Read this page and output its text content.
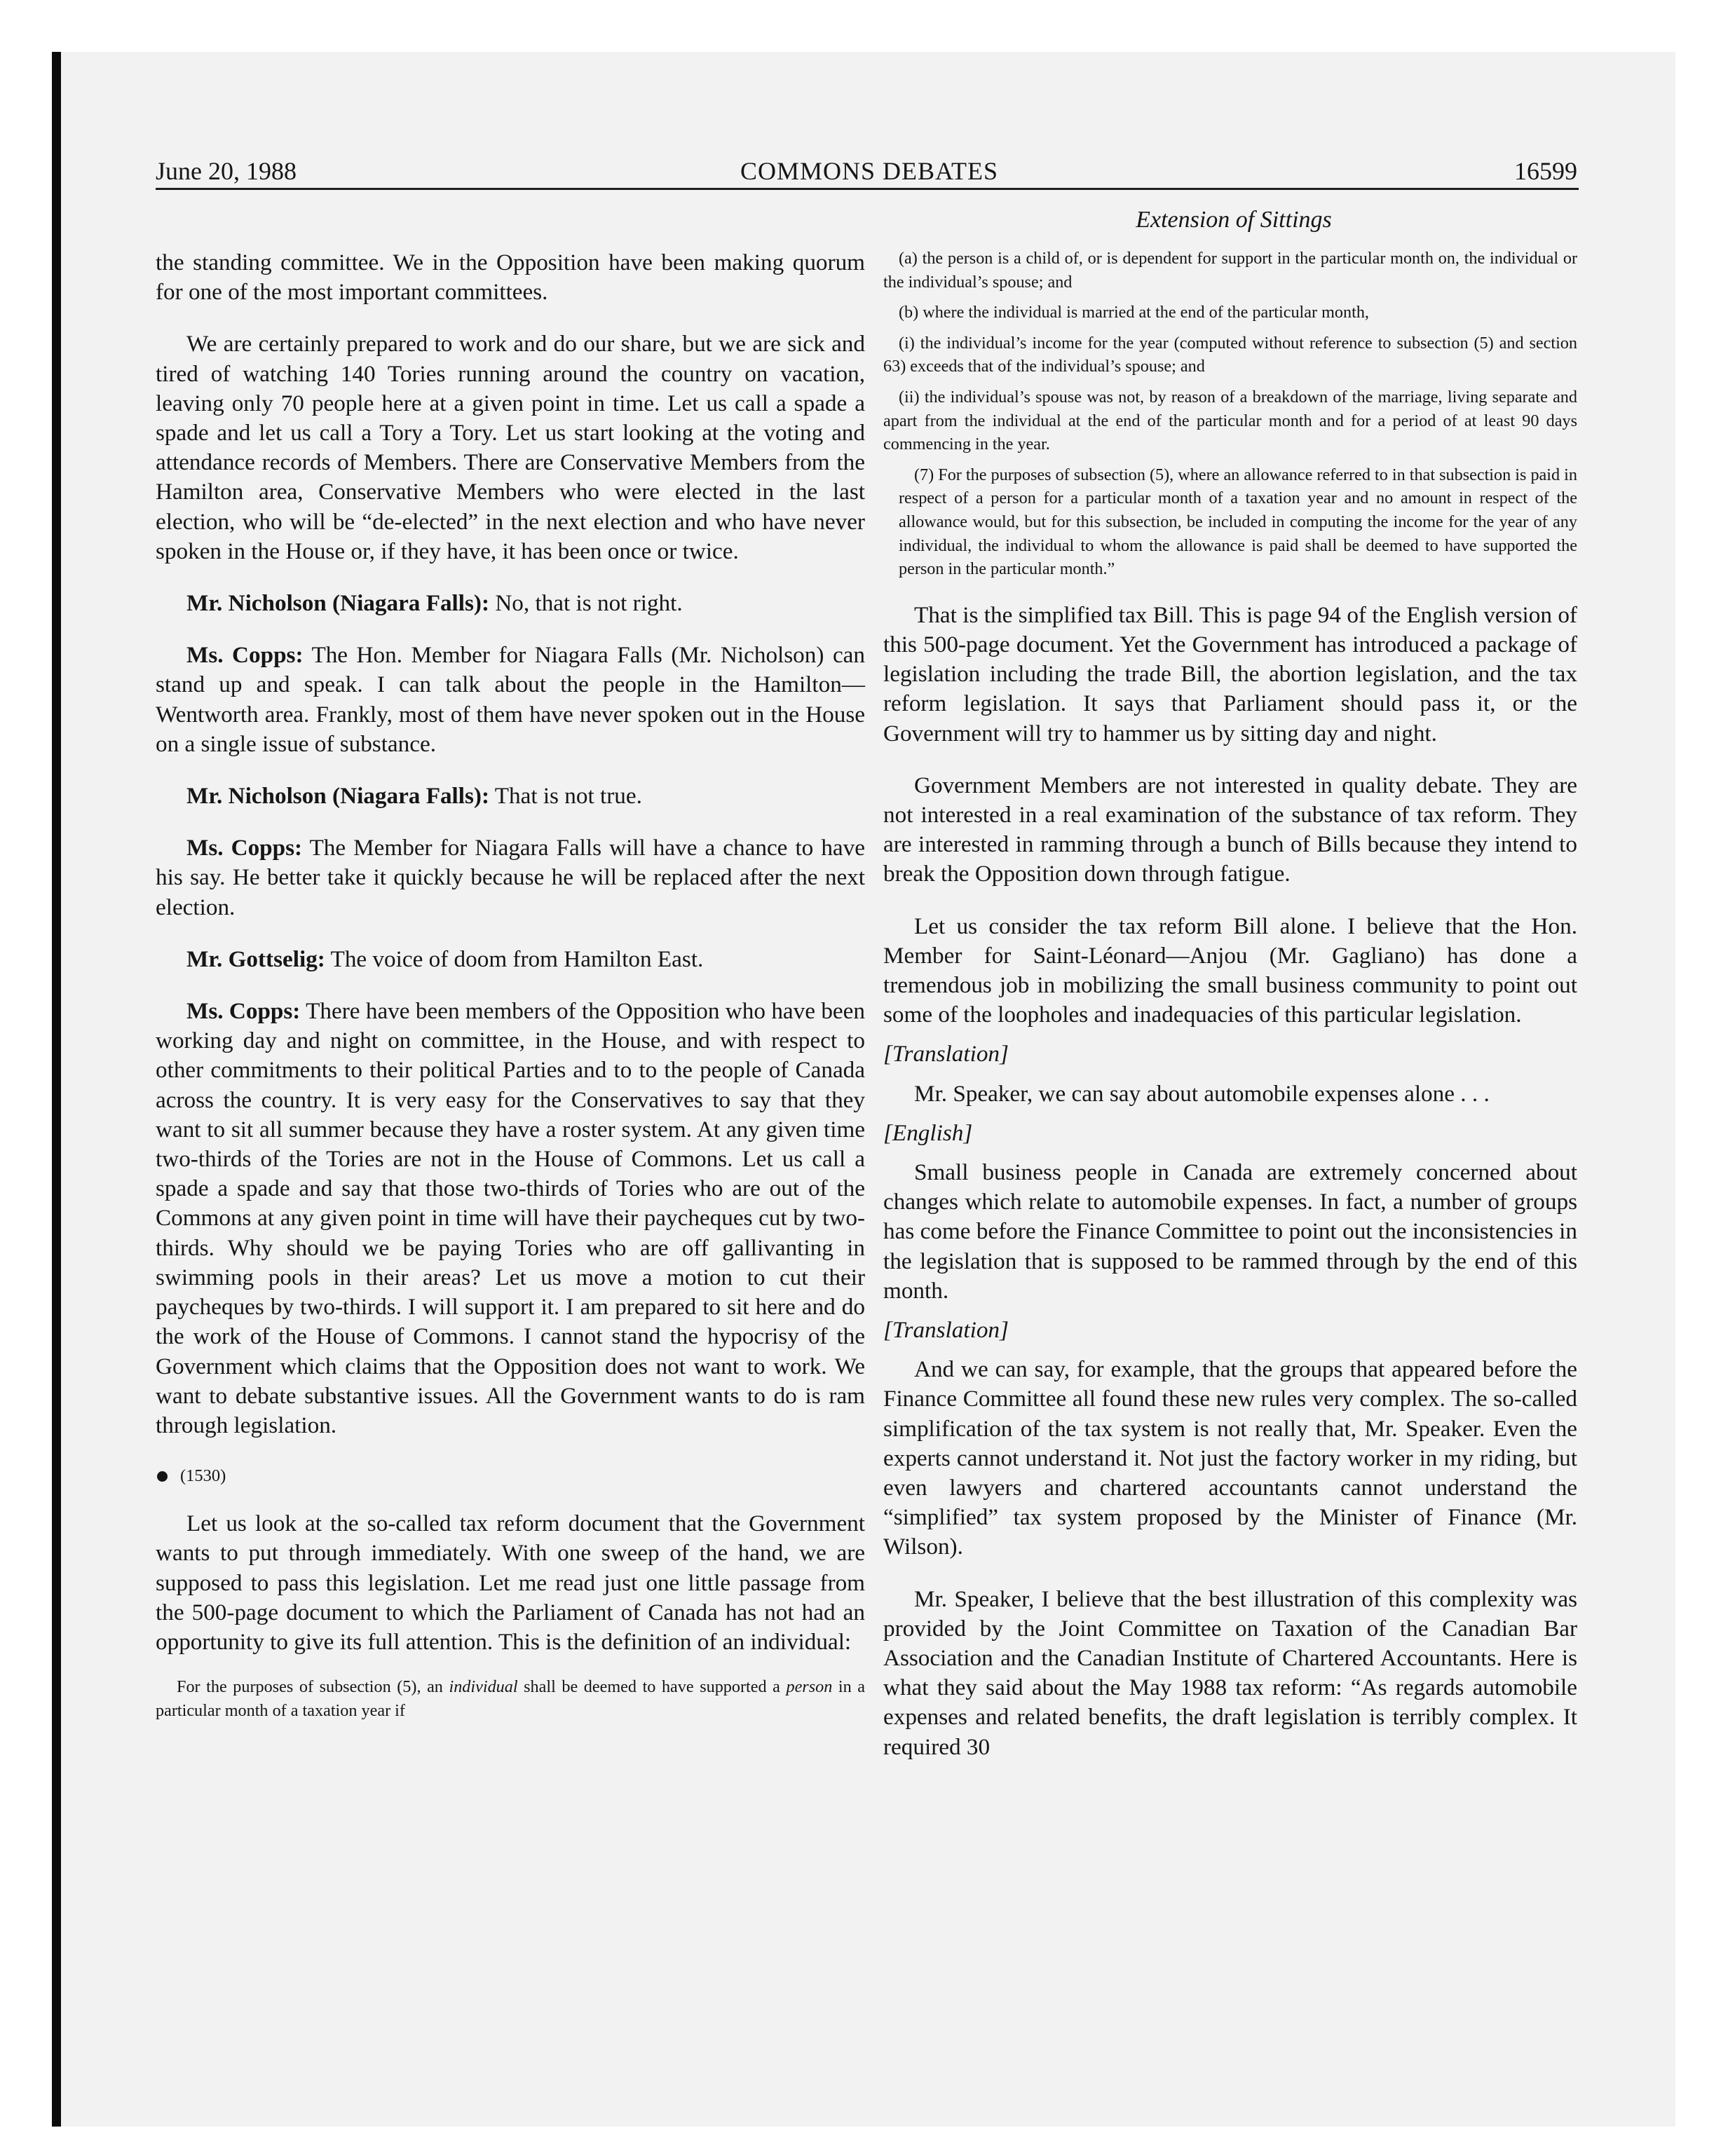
June 20, 1988	COMMONS DEBATES	16599
Extension of Sittings

the standing committee. We in the Opposition have been making quorum for one of the most important committees.

We are certainly prepared to work and do our share, but we are sick and tired of watching 140 Tories running around the country on vacation, leaving only 70 people here at a given point in time. Let us call a spade a spade and let us call a Tory a Tory. Let us start looking at the voting and attendance records of Members. There are Conservative Members from the Hamilton area, Conservative Members who were elected in the last election, who will be “de-elected” in the next election and who have never spoken in the House or, if they have, it has been once or twice.

Mr. Nicholson (Niagara Falls): No, that is not right.

Ms. Copps: The Hon. Member for Niagara Falls (Mr. Nicholson) can stand up and speak. I can talk about the people in the Hamilton—Wentworth area. Frankly, most of them have never spoken out in the House on a single issue of substance.

Mr. Nicholson (Niagara Falls): That is not true.

Ms. Copps: The Member for Niagara Falls will have a chance to have his say. He better take it quickly because he will be replaced after the next election.

Mr. Gottselig: The voice of doom from Hamilton East.

Ms. Copps: There have been members of the Opposition who have been working day and night on committee, in the House, and with respect to other commitments to their political Parties and to to the people of Canada across the country. It is very easy for the Conservatives to say that they want to sit all summer because they have a roster system. At any given time two-thirds of the Tories are not in the House of Commons. Let us call a spade a spade and say that those two-thirds of Tories who are out of the Commons at any given point in time will have their paycheques cut by two-thirds. Why should we be paying Tories who are off gallivanting in swimming pools in their areas? Let us move a motion to cut their paycheques by two-thirds. I will support it. I am prepared to sit here and do the work of the House of Commons. I cannot stand the hypocrisy of the Government which claims that the Opposition does not want to work. We want to debate substantive issues. All the Government wants to do is ram through legislation.

(1530)

Let us look at the so-called tax reform document that the Government wants to put through immediately. With one sweep of the hand, we are supposed to pass this legislation. Let me read just one little passage from the 500-page document to which the Parliament of Canada has not had an opportunity to give its full attention. This is the definition of an individual:

For the purposes of subsection (5), an individual shall be deemed to have supported a person in a particular month of a taxation year if

(a) the person is a child of, or is dependent for support in the particular month on, the individual or the individual’s spouse; and

(b) where the individual is married at the end of the particular month,

(i) the individual’s income for the year (computed without reference to subsection (5) and section 63) exceeds that of the individual’s spouse; and

(ii) the individual’s spouse was not, by reason of a breakdown of the marriage, living separate and apart from the individual at the end of the particular month and for a period of at least 90 days commencing in the year.

(7) For the purposes of subsection (5), where an allowance referred to in that subsection is paid in respect of a person for a particular month of a taxation year and no amount in respect of the allowance would, but for this subsection, be included in computing the income for the year of any individual, the individual to whom the allowance is paid shall be deemed to have supported the person in the particular month.”

That is the simplified tax Bill. This is page 94 of the English version of this 500-page document. Yet the Government has introduced a package of legislation including the trade Bill, the abortion legislation, and the tax reform legislation. It says that Parliament should pass it, or the Government will try to hammer us by sitting day and night.

Government Members are not interested in quality debate. They are not interested in a real examination of the substance of tax reform. They are interested in ramming through a bunch of Bills because they intend to break the Opposition down through fatigue.

Let us consider the tax reform Bill alone. I believe that the Hon. Member for Saint-Léonard—Anjou (Mr. Gagliano) has done a tremendous job in mobilizing the small business community to point out some of the loopholes and inadequacies of this particular legislation.

[Translation]

Mr. Speaker, we can say about automobile expenses alone . . .

[English]

Small business people in Canada are extremely concerned about changes which relate to automobile expenses. In fact, a number of groups has come before the Finance Committee to point out the inconsistencies in the legislation that is supposed to be rammed through by the end of this month.

[Translation]

And we can say, for example, that the groups that appeared before the Finance Committee all found these new rules very complex. The so-called simplification of the tax system is not really that, Mr. Speaker. Even the experts cannot understand it. Not just the factory worker in my riding, but even lawyers and chartered accountants cannot understand the “simplified” tax system proposed by the Minister of Finance (Mr. Wilson).

Mr. Speaker, I believe that the best illustration of this complexity was provided by the Joint Committee on Taxation of the Canadian Bar Association and the Canadian Institute of Chartered Accountants. Here is what they said about the May 1988 tax reform: “As regards automobile expenses and related benefits, the draft legislation is terribly complex. It required 30
